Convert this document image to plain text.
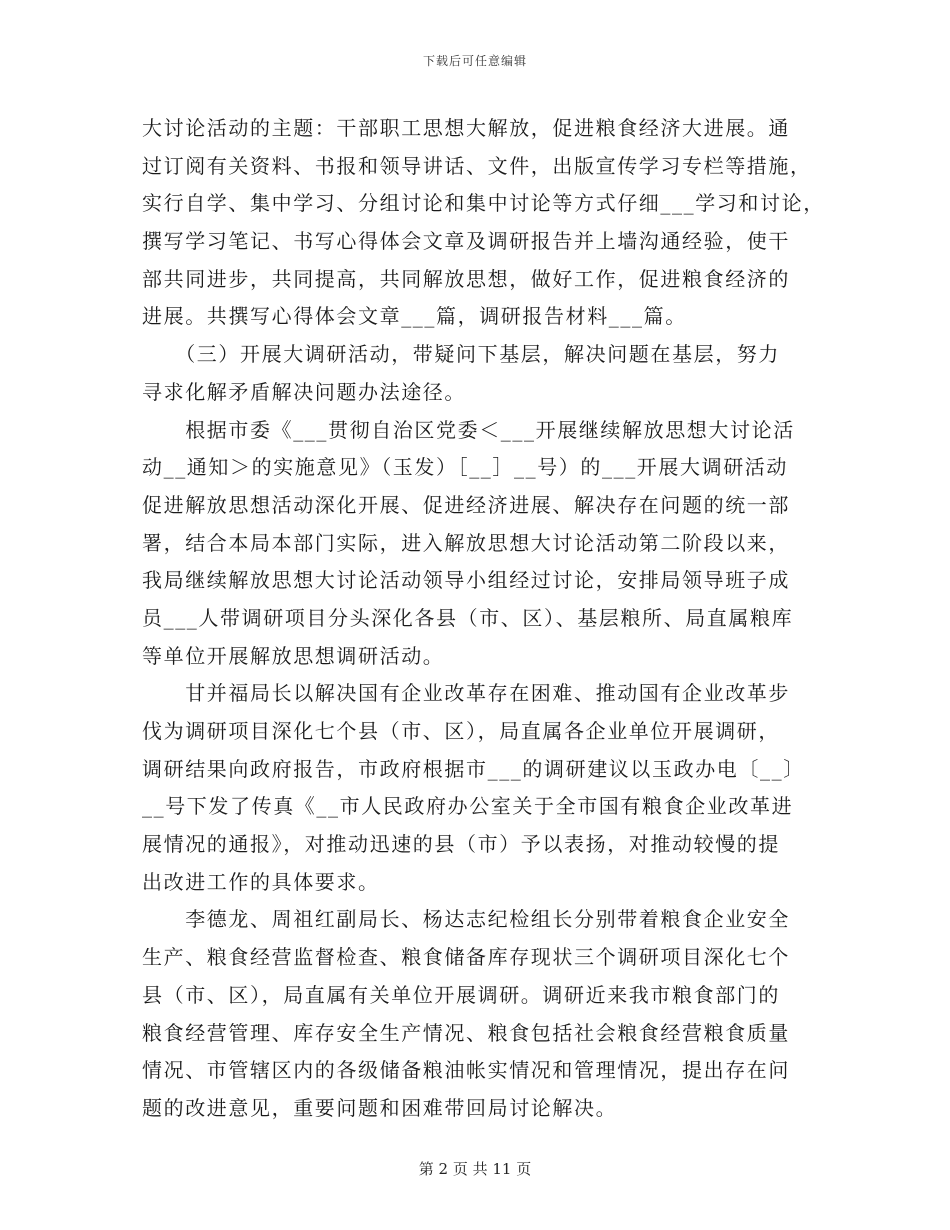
下载后可任意编辑
大讨论活动的主题：干部职工思想大解放，促进粮食经济大进展。通
过订阅有关资料、书报和领导讲话、文件，出版宣传学习专栏等措施，
实行自学、集中学习、分组讨论和集中讨论等方式仔细___学习和讨论，
撰写学习笔记、书写心得体会文章及调研报告并上墙沟通经验，使干
部共同进步，共同提高，共同解放思想，做好工作，促进粮食经济的
进展。共撰写心得体会文章___篇，调研报告材料___篇。
　　（三）开展大调研活动，带疑问下基层，解决问题在基层，努力
寻求化解矛盾解决问题办法途径。
　　根据市委《___贯彻自治区党委＜___开展继续解放思想大讨论活
动__通知＞的实施意见》（玉发）［__］__号）的___开展大调研活动
促进解放思想活动深化开展、促进经济进展、解决存在问题的统一部
署，结合本局本部门实际，进入解放思想大讨论活动第二阶段以来，
我局继续解放思想大讨论活动领导小组经过讨论，安排局领导班子成
员___人带调研项目分头深化各县（市、区）、基层粮所、局直属粮库
等单位开展解放思想调研活动。
　　甘并福局长以解决国有企业改革存在困难、推动国有企业改革步
伐为调研项目深化七个县（市、区），局直属各企业单位开展调研，
调研结果向政府报告，市政府根据市___的调研建议以玉政办电〔__〕
__号下发了传真《__市人民政府办公室关于全市国有粮食企业改革进
展情况的通报》，对推动迅速的县（市）予以表扬，对推动较慢的提
出改进工作的具体要求。
　　李德龙、周祖红副局长、杨达志纪检组长分别带着粮食企业安全
生产、粮食经营监督检查、粮食储备库存现状三个调研项目深化七个
县（市、区），局直属有关单位开展调研。调研近来我市粮食部门的
粮食经营管理、库存安全生产情况、粮食包括社会粮食经营粮食质量
情况、市管辖区内的各级储备粮油帐实情况和管理情况，提出存在问
题的改进意见，重要问题和困难带回局讨论解决。
第 2 页 共 11 页
